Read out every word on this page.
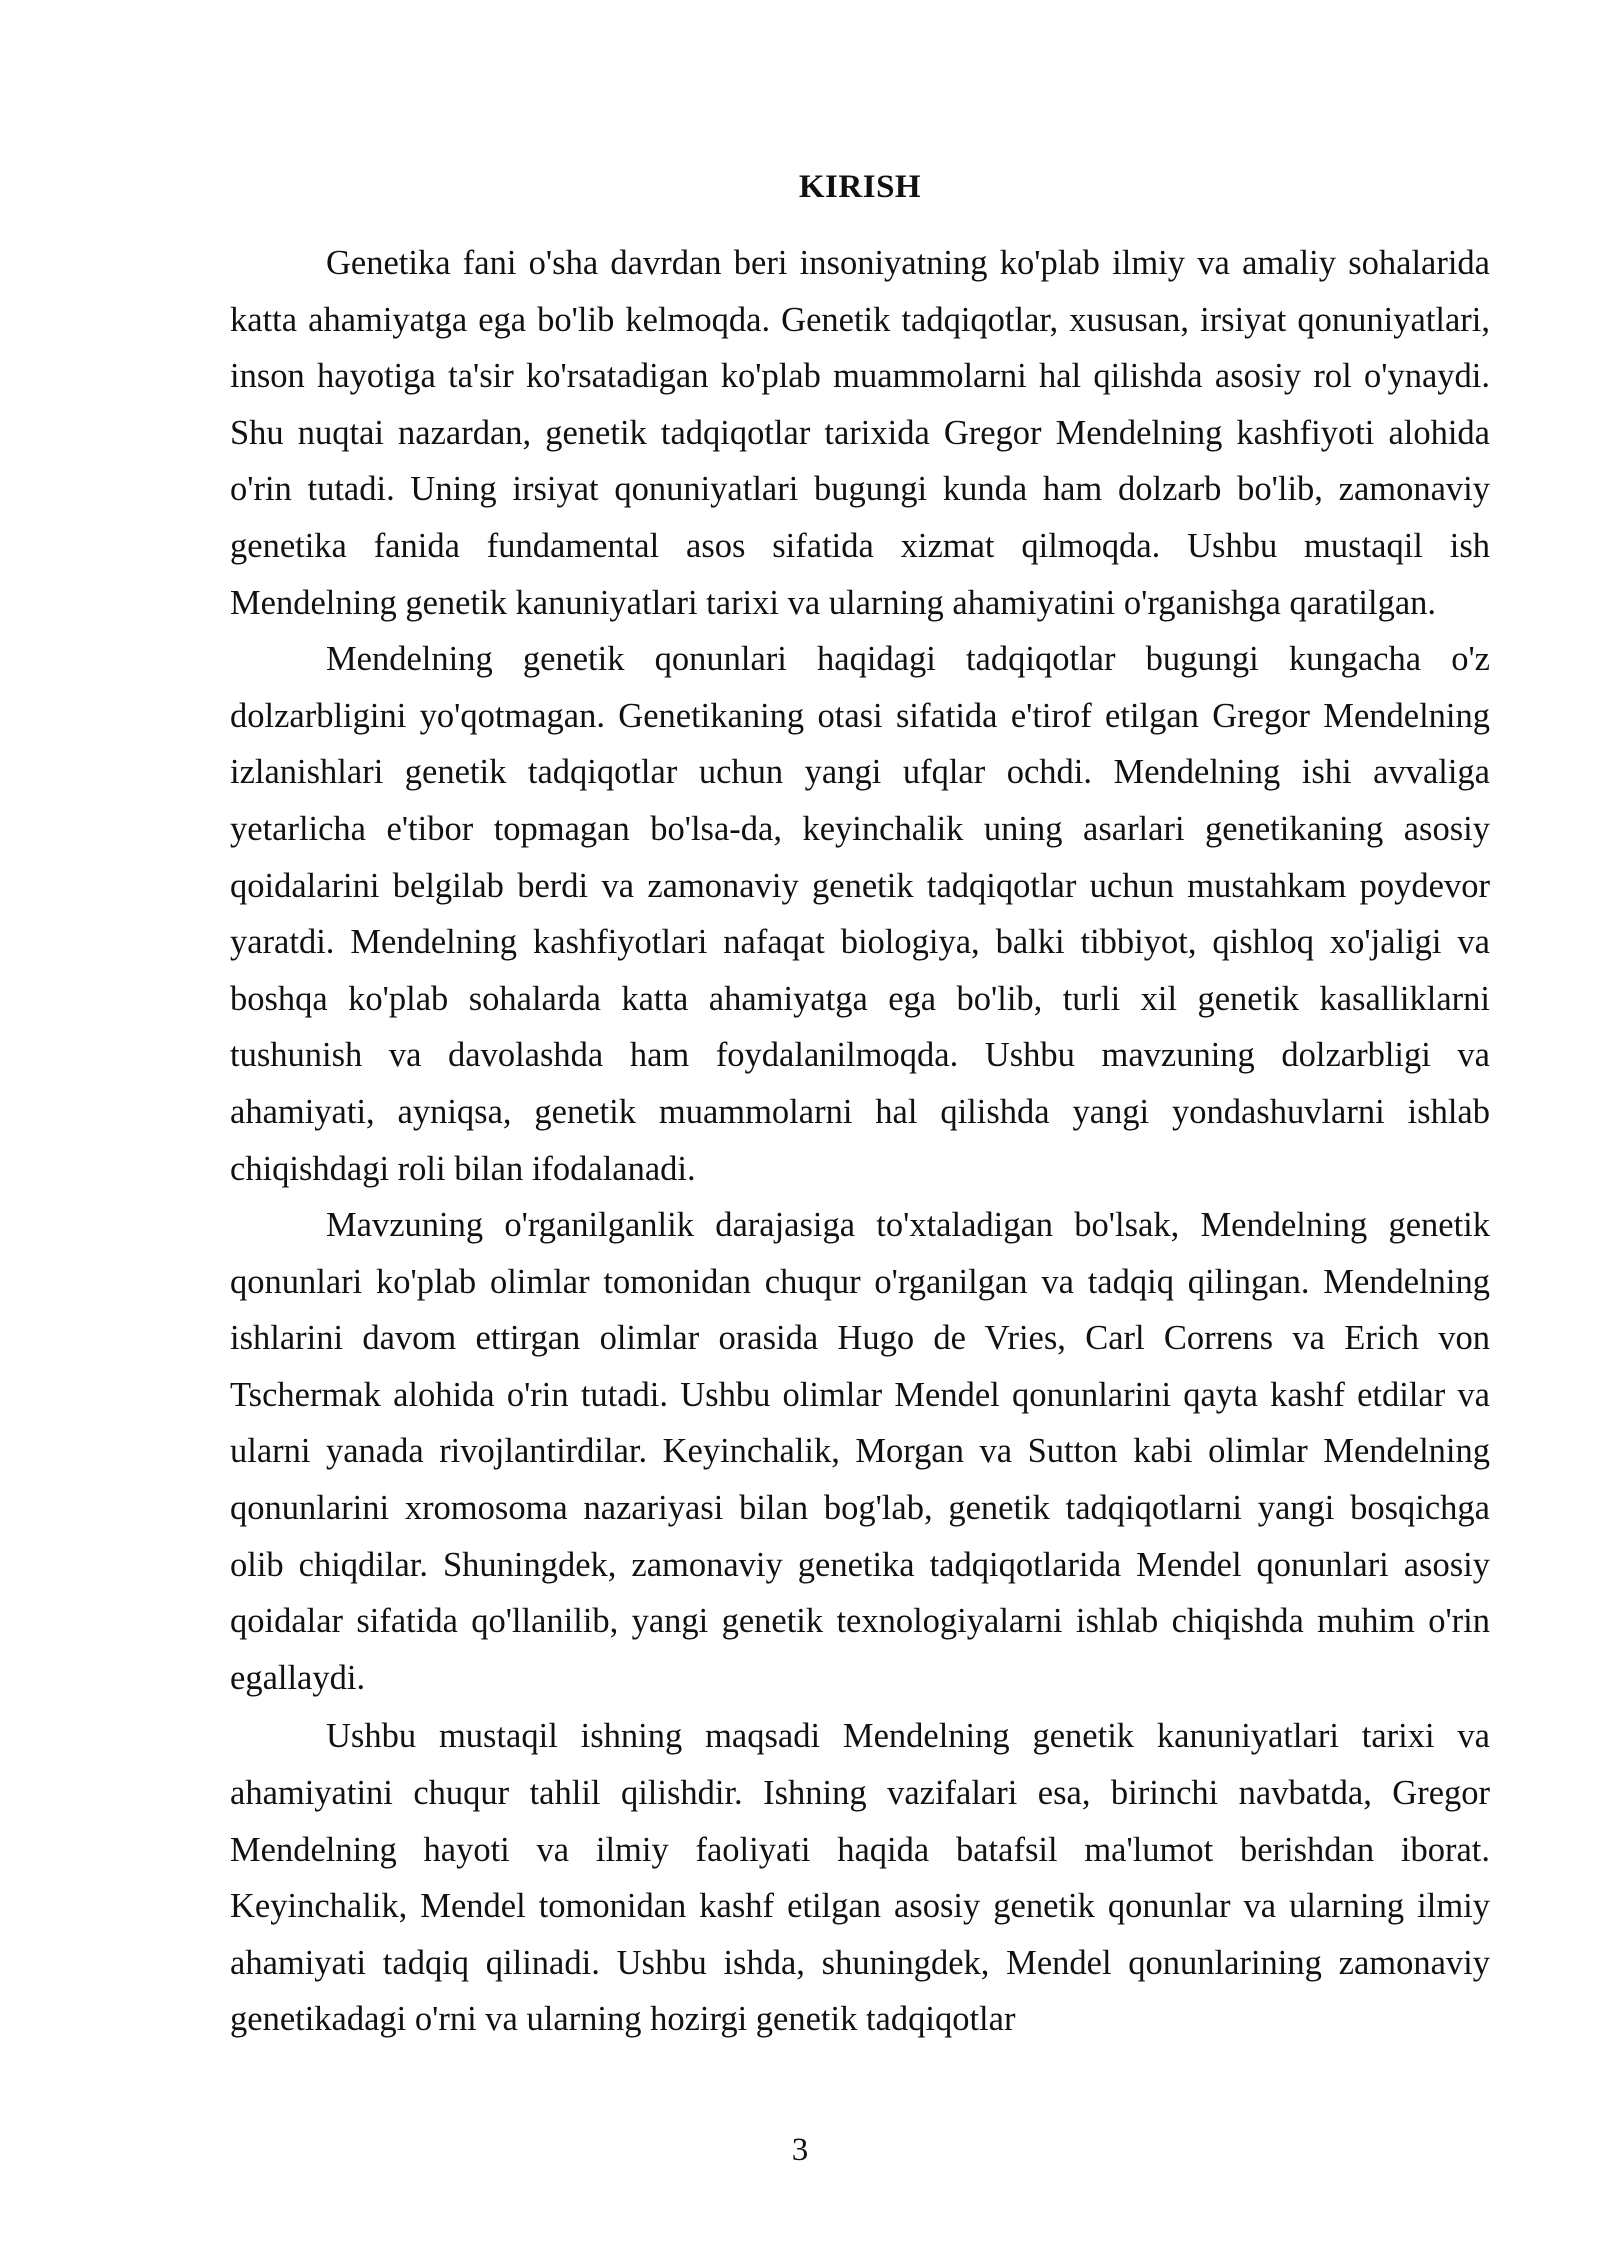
KIRISH

Genetika fani o'sha davrdan beri insoniyatning ko'plab ilmiy va amaliy sohalarida katta ahamiyatga ega bo'lib kelmoqda. Genetik tadqiqotlar, xususan, irsiyat qonuniyatlari, inson hayotiga ta'sir ko'rsatadigan ko'plab muammolarni hal qilishda asosiy rol o'ynaydi. Shu nuqtai nazardan, genetik tadqiqotlar tarixida Gregor Mendelning kashfiyoti alohida o'rin tutadi. Uning irsiyat qonuniyatlari bugungi kunda ham dolzarb bo'lib, zamonaviy genetika fanida fundamental asos sifatida xizmat qilmoqda. Ushbu mustaqil ish Mendelning genetik kanuniyatlari tarixi va ularning ahamiyatini o'rganishga qaratilgan.

Mendelning genetik qonunlari haqidagi tadqiqotlar bugungi kungacha o'z dolzarbligini yo'qotmagan. Genetikaning otasi sifatida e'tirof etilgan Gregor Mendelning izlanishlari genetik tadqiqotlar uchun yangi ufqlar ochdi. Mendelning ishi avvaliga yetarlicha e'tibor topmagan bo'lsa-da, keyinchalik uning asarlari genetikaning asosiy qoidalarini belgilab berdi va zamonaviy genetik tadqiqotlar uchun mustahkam poydevor yaratdi. Mendelning kashfiyotlari nafaqat biologiya, balki tibbiyot, qishloq xo'jaligi va boshqa ko'plab sohalarda katta ahamiyatga ega bo'lib, turli xil genetik kasalliklarni tushunish va davolashda ham foydalanilmoqda. Ushbu mavzuning dolzarbligi va ahamiyati, ayniqsa, genetik muammolarni hal qilishda yangi yondashuvlarni ishlab chiqishdagi roli bilan ifodalanadi.

Mavzuning o'rganilganlik darajasiga to'xtaladigan bo'lsak, Mendelning genetik qonunlari ko'plab olimlar tomonidan chuqur o'rganilgan va tadqiq qilingan. Mendelning ishlarini davom ettirgan olimlar orasida Hugo de Vries, Carl Correns va Erich von Tschermak alohida o'rin tutadi. Ushbu olimlar Mendel qonunlarini qayta kashf etdilar va ularni yanada rivojlantirdilar. Keyinchalik, Morgan va Sutton kabi olimlar Mendelning qonunlarini xromosoma nazariyasi bilan bog'lab, genetik tadqiqotlarni yangi bosqichga olib chiqdilar. Shuningdek, zamonaviy genetika tadqiqotlarida Mendel qonunlari asosiy qoidalar sifatida qo'llanilib, yangi genetik texnologiyalarni ishlab chiqishda muhim o'rin egallaydi.

Ushbu mustaqil ishning maqsadi Mendelning genetik kanuniyatlari tarixi va ahamiyatini chuqur tahlil qilishdir. Ishning vazifalari esa, birinchi navbatda, Gregor Mendelning hayoti va ilmiy faoliyati haqida batafsil ma'lumot berishdan iborat. Keyinchalik, Mendel tomonidan kashf etilgan asosiy genetik qonunlar va ularning ilmiy ahamiyati tadqiq qilinadi. Ushbu ishda, shuningdek, Mendel qonunlarining zamonaviy genetikadagi o'rni va ularning hozirgi genetik tadqiqotlar

3
